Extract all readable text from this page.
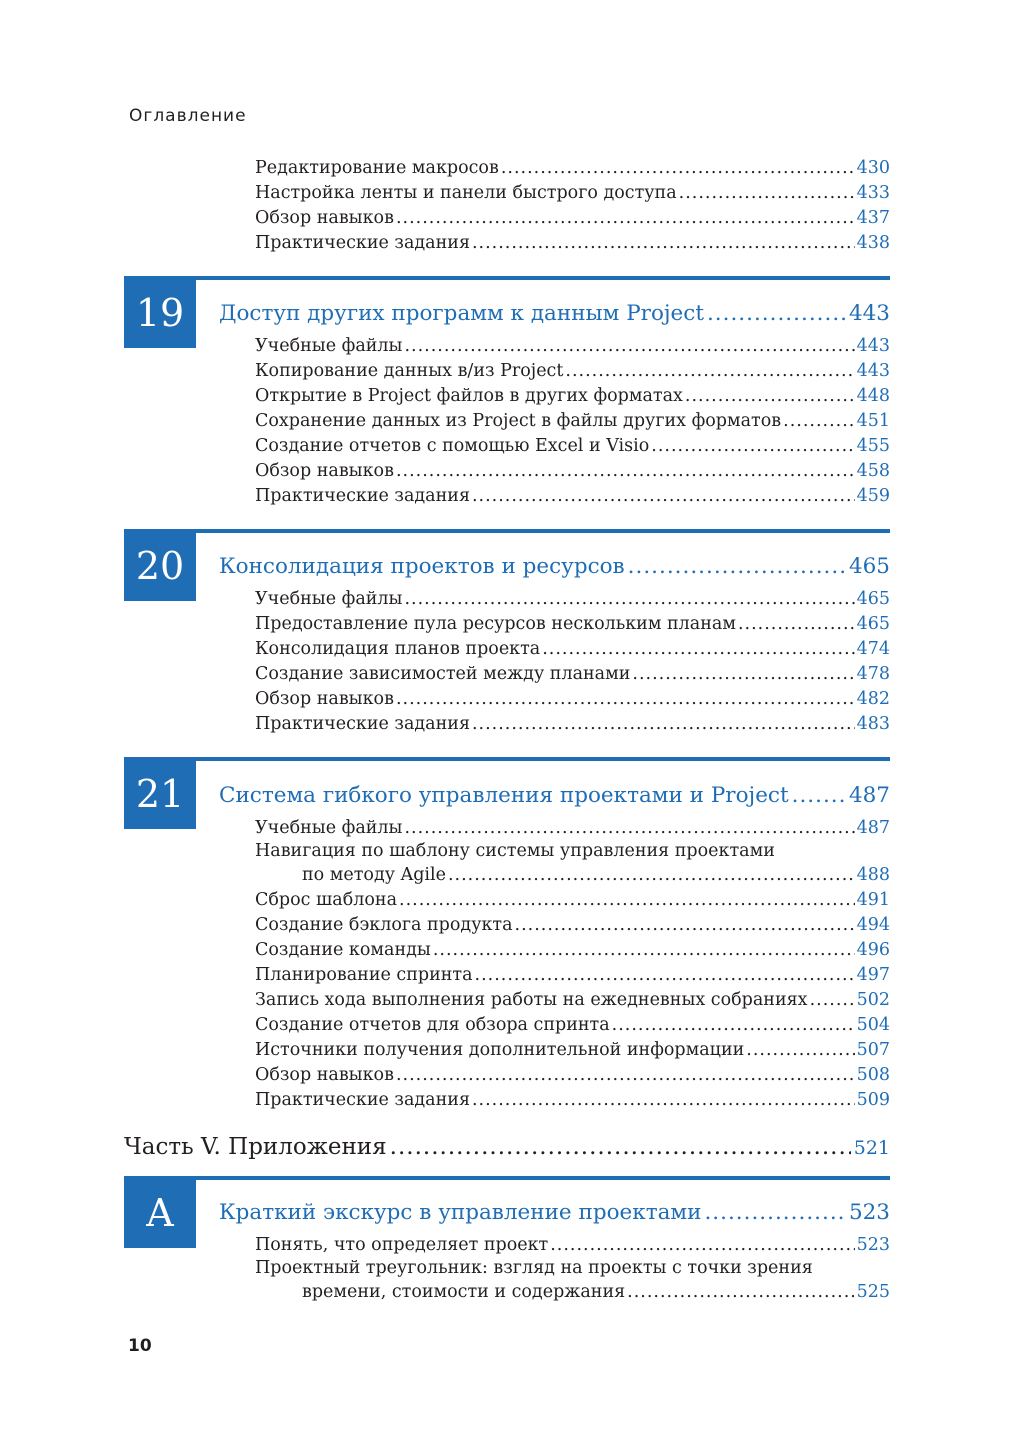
Оглавление
Редактирование макросов .....	430
Настройка ленты и панели быстрого доступа .....	433
Обзор навыков .....	437
Практические задания .....	438
19	Доступ других программ к данным Project .....	443
Учебные файлы .....	443
Копирование данных в/из Project .....	443
Открытие в Project файлов в других форматах .....	448
Сохранение данных из Project в файлы других форматов .....	451
Создание отчетов с помощью Excel и Visio .....	455
Обзор навыков .....	458
Практические задания .....	459
20	Консолидация проектов и ресурсов .....	465
Учебные файлы .....	465
Предоставление пула ресурсов нескольким планам .....	465
Консолидация планов проекта .....	474
Создание зависимостей между планами .....	478
Обзор навыков .....	482
Практические задания .....	483
21	Система гибкого управления проектами и Project .....	487
Учебные файлы .....	487
Навигация по шаблону системы управления проектами
по методу Agile .....	488
Сброс шаблона .....	491
Создание бэклога продукта .....	494
Создание команды .....	496
Планирование спринта .....	497
Запись хода выполнения работы на ежедневных собраниях .....	502
Создание отчетов для обзора спринта .....	504
Источники получения дополнительной информации .....	507
Обзор навыков .....	508
Практические задания .....	509
Часть V. Приложения .....	521
A	Краткий экскурс в управление проектами .....	523
Понять, что определяет проект .....	523
Проектный треугольник: взгляд на проекты с точки зрения
времени, стоимости и содержания .....	525
10
